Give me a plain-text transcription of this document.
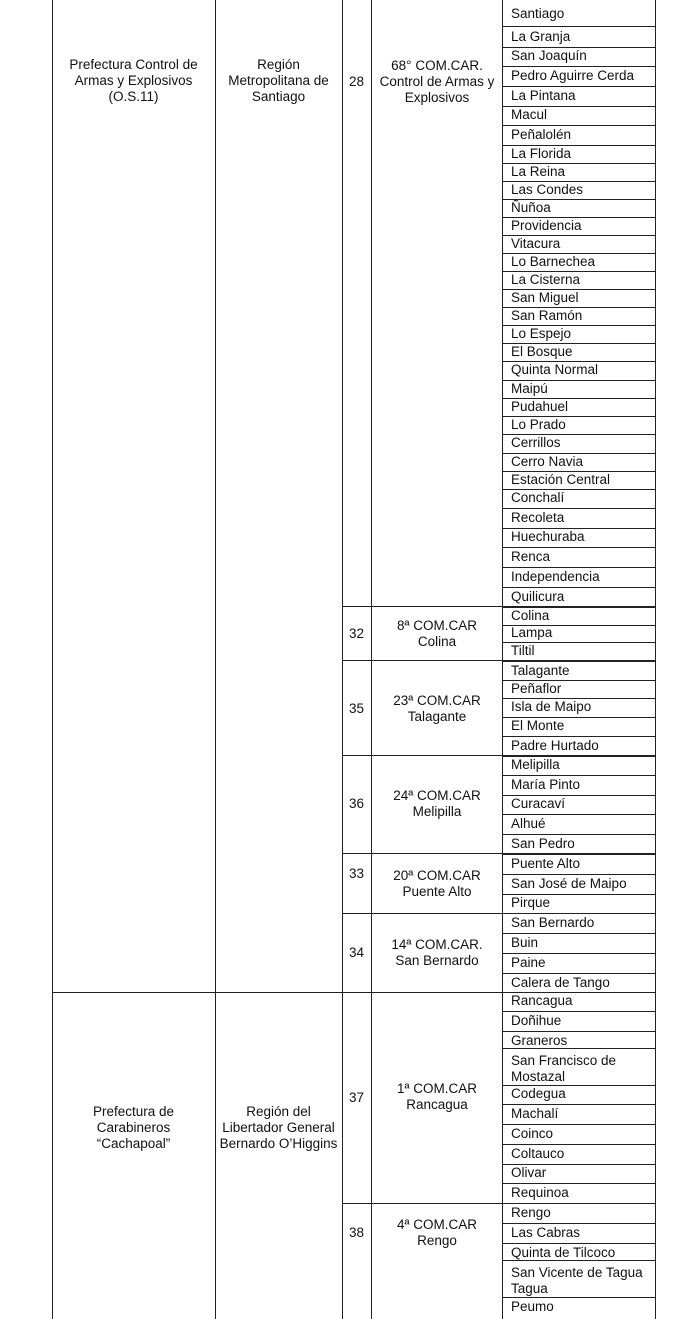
Prefectura Control de
Armas y Explosivos
(O.S.11)
Región
Metropolitana de
Santiago
Prefectura de
Carabineros
“Cachapoal”
Región del
Libertador General
Bernardo O’Higgins
28
68° COM.CAR.
Control de Armas y
Explosivos
32
8ª COM.CAR
Colina
35
23ª COM.CAR
Talagante
36
24ª COM.CAR
Melipilla
33	20ª COM.CAR
Puente Alto
34
14ª COM.CAR.
San Bernardo
37
1ª COM.CAR
Rancagua
38
4ª COM.CAR
Rengo
Santiago
La Granja
San Joaquín
Pedro Aguirre Cerda
La Pintana
Macul
Peñalolén
La Florida
La Reina
Las Condes
Ñuñoa
Providencia
Vitacura
Lo Barnechea
La Cisterna
San Miguel
San Ramón
Lo Espejo
El Bosque
Quinta Normal
Maipú
Pudahuel
Lo Prado
Cerrillos
Cerro Navia
Estación Central
Conchalí
Recoleta
Huechuraba
Renca
Independencia
Quilicura
Colina
Lampa
Tiltil
Talagante
Peñaflor
Isla de Maipo
El Monte
Padre Hurtado
Melipilla
María Pinto
Curacaví
Alhué
San Pedro
Puente Alto
San José de Maipo
Pirque
San Bernardo
Buin
Paine
Calera de Tango
Rancagua
Doñihue
Graneros
San Francisco de Mostazal
Codegua
Machalí
Coinco
Coltauco
Olivar
Requinoa
Rengo
Las Cabras
Quinta de Tilcoco
San Vicente de Tagua Tagua
Peumo
